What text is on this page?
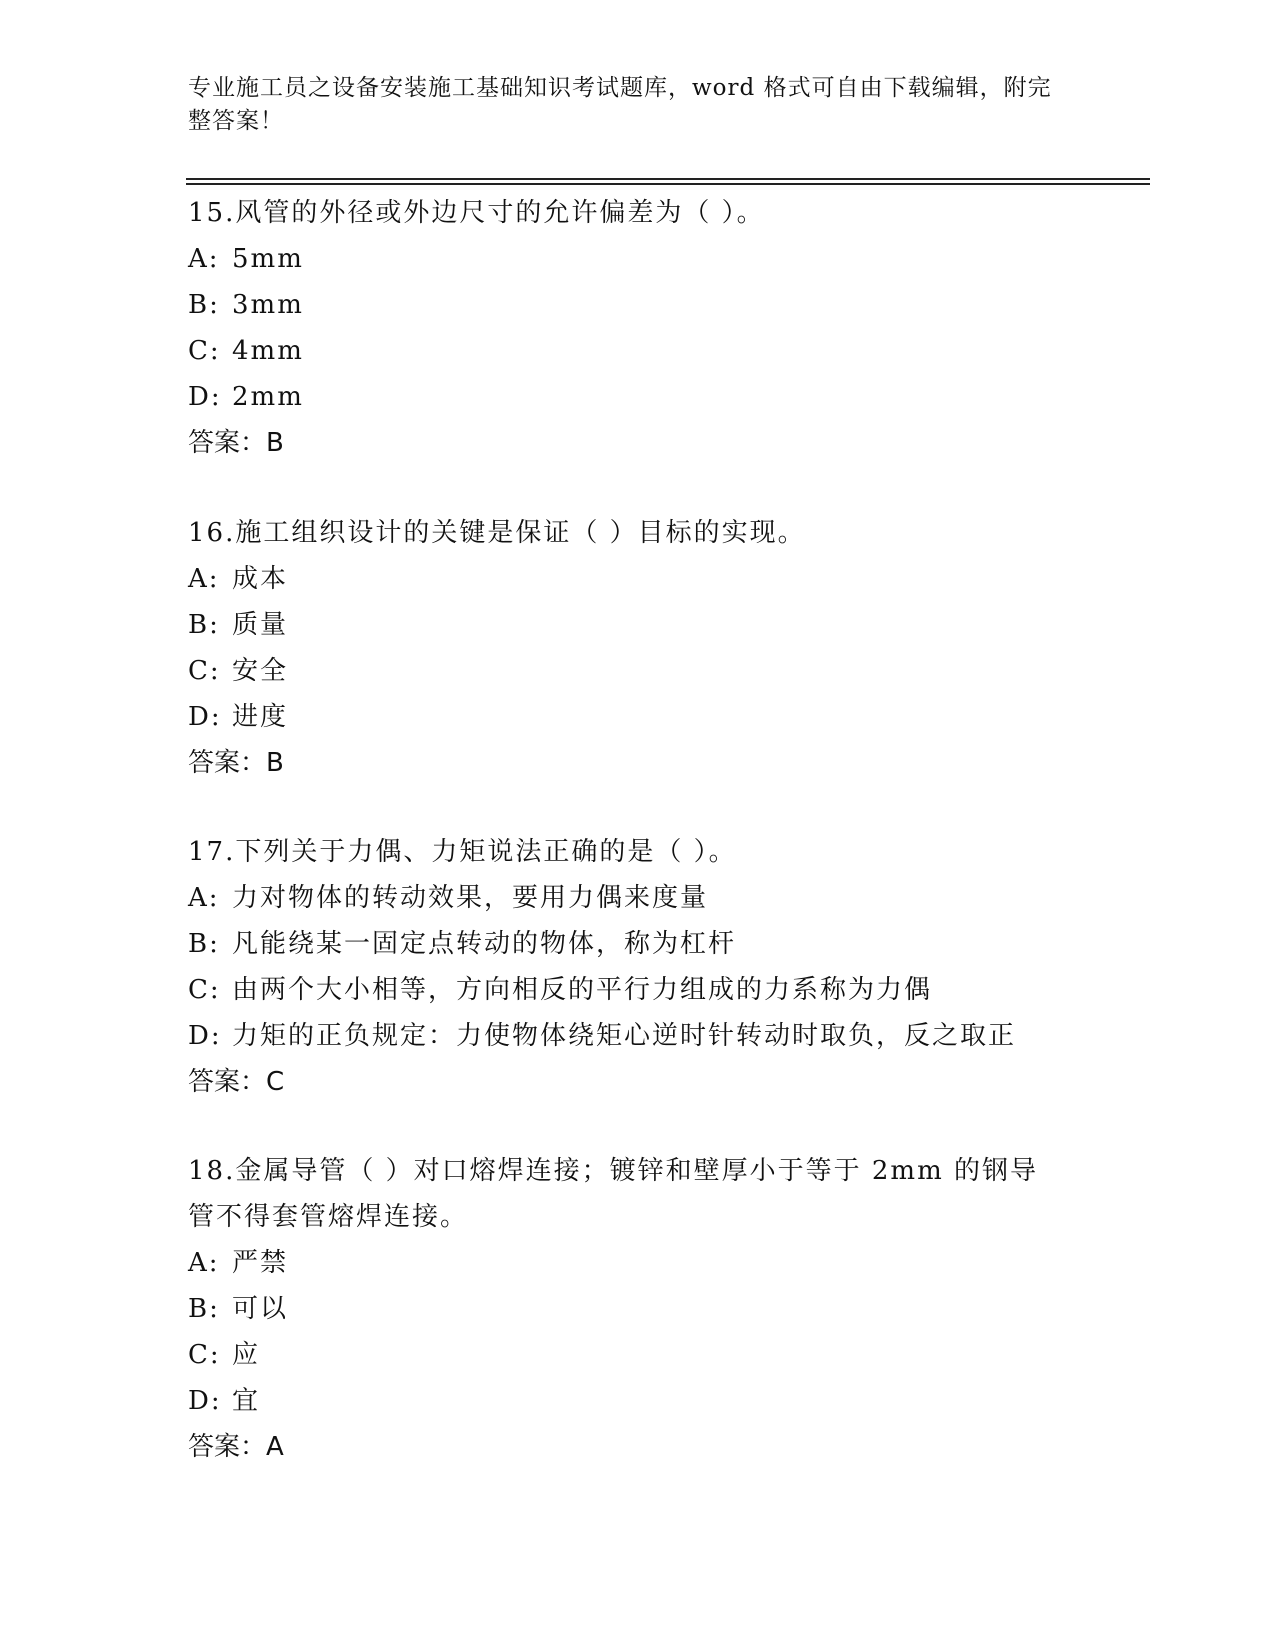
专业施工员之设备安装施工基础知识考试题库，word 格式可自由下载编辑，附完整答案！

15.风管的外径或外边尺寸的允许偏差为（ ）。

A: 5mm

B: 3mm

C: 4mm

D: 2mm

答案：B

16.施工组织设计的关键是保证（ ）目标的实现。

A: 成本

B: 质量

C: 安全

D: 进度

答案：B

17.下列关于力偶、力矩说法正确的是（ ）。

A: 力对物体的转动效果，要用力偶来度量

B: 凡能绕某一固定点转动的物体，称为杠杆

C: 由两个大小相等，方向相反的平行力组成的力系称为力偶

D: 力矩的正负规定：力使物体绕矩心逆时针转动时取负，反之取正

答案：C

18.金属导管（ ）对口熔焊连接；镀锌和壁厚小于等于 2mm 的钢导管不得套管熔焊连接。

A: 严禁

B: 可以

C: 应

D: 宜

答案：A
